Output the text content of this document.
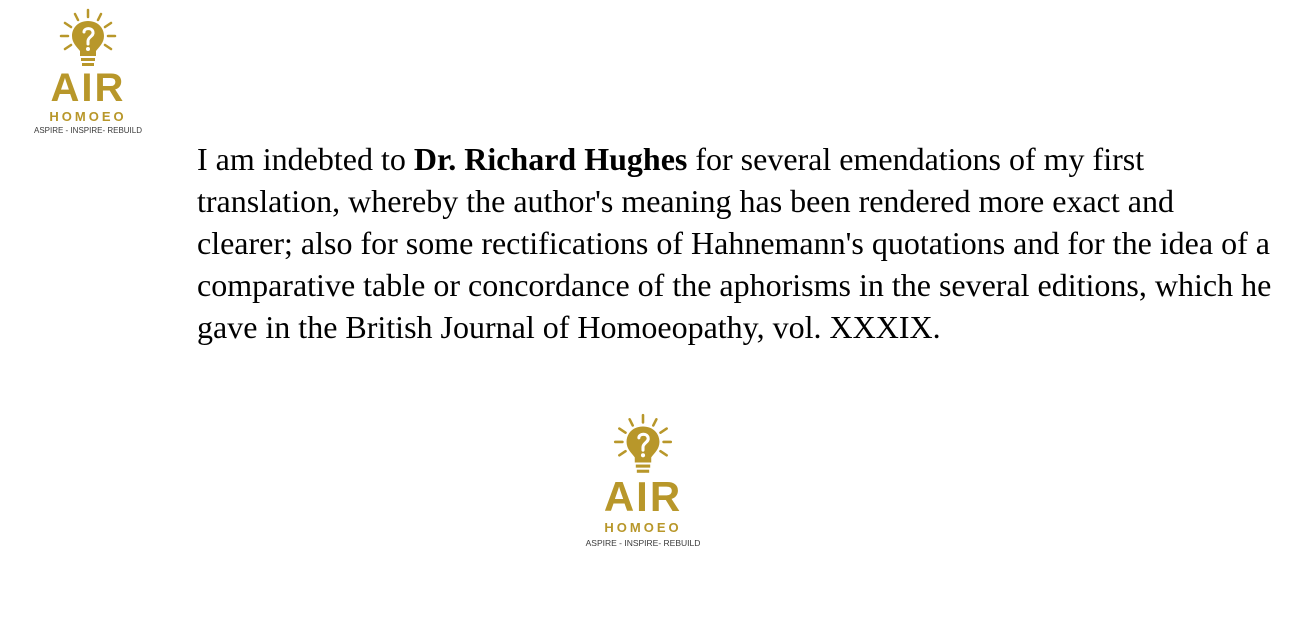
AIR
HOMOEO
ASPIRE - INSPIRE- REBUILD

I am indebted to Dr. Richard Hughes for several emendations of my first translation, whereby the author's meaning has been rendered more exact and clearer; also for some rectifications of Hahnemann's quotations and for the idea of a comparative table or concordance of the aphorisms in the several editions, which he gave in the British Journal of Homoeopathy, vol. XXXIX.

AIR
HOMOEO
ASPIRE - INSPIRE- REBUILD
